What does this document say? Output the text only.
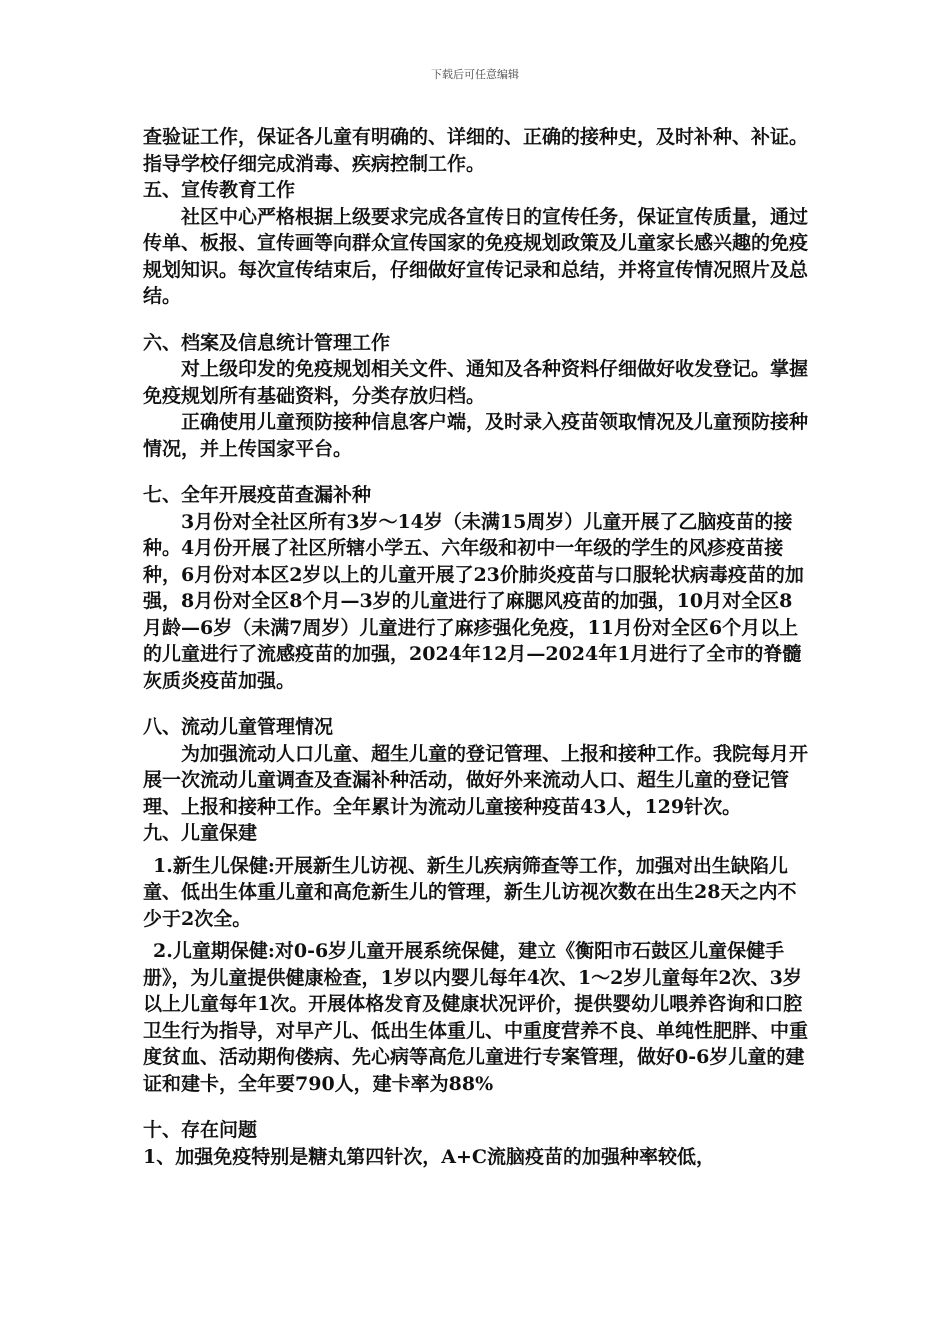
下载后可任意编辑

查验证工作，保证各儿童有明确的、详细的、正确的接种史，及时补种、补证。指导学校仔细完成消毒、疾病控制工作。

五、宣传教育工作

社区中心严格根据上级要求完成各宣传日的宣传任务，保证宣传质量，通过传单、板报、宣传画等向群众宣传国家的免疫规划政策及儿童家长感兴趣的免疫规划知识。每次宣传结束后，仔细做好宣传记录和总结，并将宣传情况照片及总结。

六、档案及信息统计管理工作

对上级印发的免疫规划相关文件、通知及各种资料仔细做好收发登记。掌握免疫规划所有基础资料，分类存放归档。

正确使用儿童预防接种信息客户端，及时录入疫苗领取情况及儿童预防接种情况，并上传国家平台。

七、全年开展疫苗查漏补种

3月份对全社区所有3岁～14岁（未满15周岁）儿童开展了乙脑疫苗的接种。4月份开展了社区所辖小学五、六年级和初中一年级的学生的风疹疫苗接种，6月份对本区2岁以上的儿童开展了23价肺炎疫苗与口服轮状病毒疫苗的加强，8月份对全区8个月—3岁的儿童进行了麻腮风疫苗的加强，10月对全区8月龄—6岁（未满7周岁）儿童进行了麻疹强化免疫，11月份对全区6个月以上的儿童进行了流感疫苗的加强，2024年12月—2024年1月进行了全市的脊髓灰质炎疫苗加强。

八、流动儿童管理情况

为加强流动人口儿童、超生儿童的登记管理、上报和接种工作。我院每月开展一次流动儿童调查及查漏补种活动，做好外来流动人口、超生儿童的登记管理、上报和接种工作。全年累计为流动儿童接种疫苗43人，129针次。

九、儿童保建

1.新生儿保健:开展新生儿访视、新生儿疾病筛查等工作，加强对出生缺陷儿童、低出生体重儿童和高危新生儿的管理，新生儿访视次数在出生28天之内不少于2次全。

2.儿童期保健:对0-6岁儿童开展系统保健，建立《衡阳市石鼓区儿童保健手册》，为儿童提供健康检查，1岁以内婴儿每年4次、1～2岁儿童每年2次、3岁以上儿童每年1次。开展体格发育及健康状况评价，提供婴幼儿喂养咨询和口腔卫生行为指导，对早产儿、低出生体重儿、中重度营养不良、单纯性肥胖、中重度贫血、活动期佝偻病、先心病等高危儿童进行专案管理，做好0-6岁儿童的建证和建卡，全年要790人，建卡率为88%

十、存在问题

1、加强免疫特别是糖丸第四针次，A+C流脑疫苗的加强种率较低，
